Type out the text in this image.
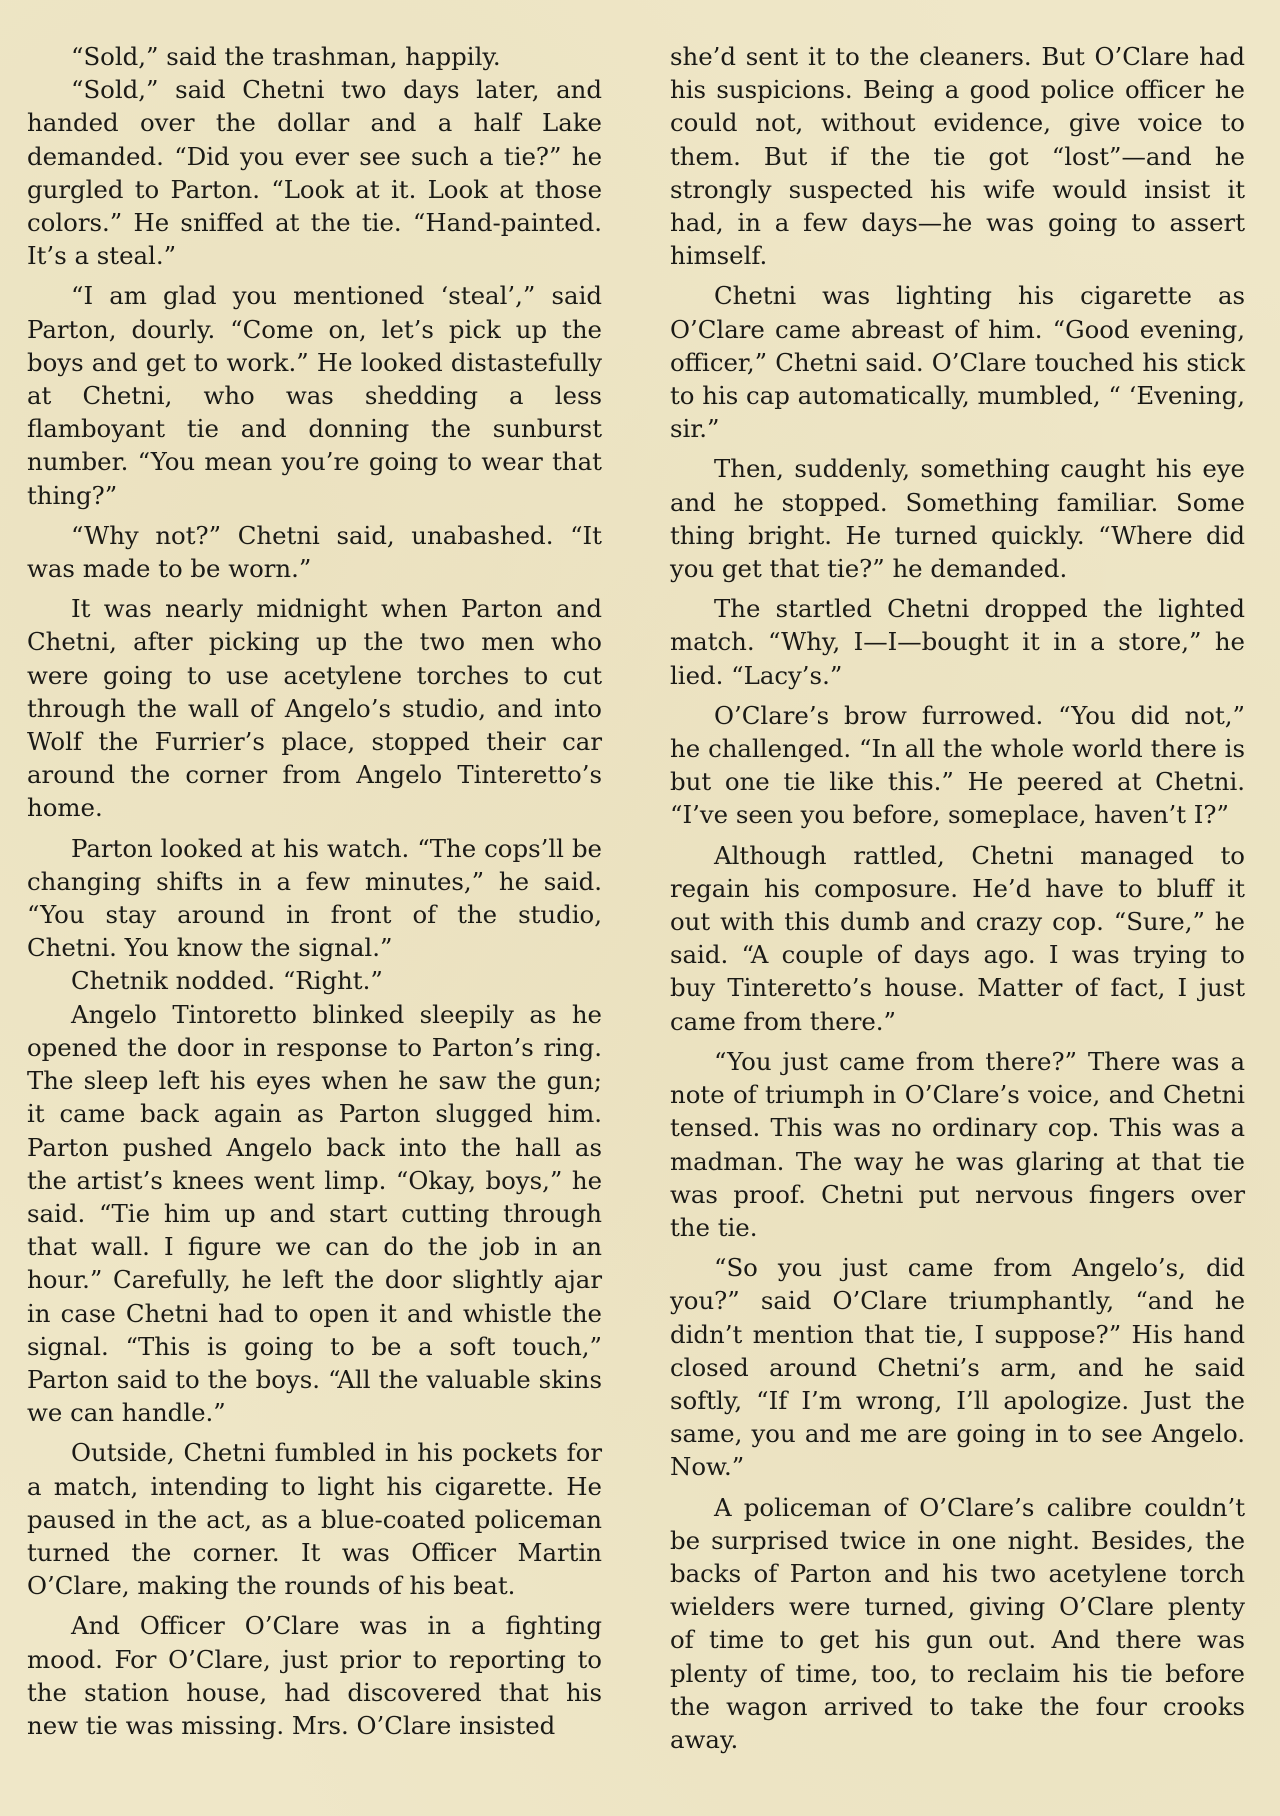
“Sold,” said the trashman, happily.

“Sold,” said Chetni two days later, and handed over the dollar and a half Lake demanded. “Did you ever see such a tie?” he gurgled to Parton. “Look at it. Look at those colors.” He sniffed at the tie. “Hand-painted. It’s a steal.”

“I am glad you mentioned ‘steal’,” said Parton, dourly. “Come on, let’s pick up the boys and get to work.” He looked distastefully at Chetni, who was shedding a less flamboyant tie and donning the sunburst number. “You mean you’re going to wear that thing?”

“Why not?” Chetni said, unabashed. “It was made to be worn.”

It was nearly midnight when Parton and Chetni, after picking up the two men who were going to use acetylene torches to cut through the wall of Angelo’s studio, and into Wolf the Furrier’s place, stopped their car around the corner from Angelo Tinteretto’s home.

Parton looked at his watch. “The cops’ll be changing shifts in a few minutes,” he said. “You stay around in front of the studio, Chetni. You know the signal.”

Chetnik nodded. “Right.”

Angelo Tintoretto blinked sleepily as he opened the door in response to Parton’s ring. The sleep left his eyes when he saw the gun; it came back again as Parton slugged him. Parton pushed Angelo back into the hall as the artist’s knees went limp. “Okay, boys,” he said. “Tie him up and start cutting through that wall. I figure we can do the job in an hour.” Carefully, he left the door slightly ajar in case Chetni had to open it and whistle the signal. “This is going to be a soft touch,” Parton said to the boys. “All the valuable skins we can handle.”

Outside, Chetni fumbled in his pockets for a match, intending to light his cigarette. He paused in the act, as a blue-coated policeman turned the corner. It was Officer Martin O’Clare, making the rounds of his beat.

And Officer O’Clare was in a fighting mood. For O’Clare, just prior to reporting to the station house, had discovered that his new tie was missing. Mrs. O’Clare insisted

she’d sent it to the cleaners. But O’Clare had his suspicions. Being a good police officer he could not, without evidence, give voice to them. But if the tie got “lost”—and he strongly suspected his wife would insist it had, in a few days—he was going to assert himself.

Chetni was lighting his cigarette as O’Clare came abreast of him. “Good evening, officer,” Chetni said. O’Clare touched his stick to his cap automatically, mumbled, “ ‘Evening, sir.”

Then, suddenly, something caught his eye and he stopped. Something familiar. Some thing bright. He turned quickly. “Where did you get that tie?” he demanded.

The startled Chetni dropped the lighted match. “Why, I—I—bought it in a store,” he lied. “Lacy’s.”

O’Clare’s brow furrowed. “You did not,” he challenged. “In all the whole world there is but one tie like this.” He peered at Chetni. “I’ve seen you before, someplace, haven’t I?”

Although rattled, Chetni managed to regain his composure. He’d have to bluff it out with this dumb and crazy cop. “Sure,” he said. “A couple of days ago. I was trying to buy Tinteretto’s house. Matter of fact, I just came from there.”

“You just came from there?” There was a note of triumph in O’Clare’s voice, and Chetni tensed. This was no ordinary cop. This was a madman. The way he was glaring at that tie was proof. Chetni put nervous fingers over the tie.

“So you just came from Angelo’s, did you?” said O’Clare triumphantly, “and he didn’t mention that tie, I suppose?” His hand closed around Chetni’s arm, and he said softly, “If I’m wrong, I’ll apologize. Just the same, you and me are going in to see Angelo. Now.”

A policeman of O’Clare’s calibre couldn’t be surprised twice in one night. Besides, the backs of Parton and his two acetylene torch wielders were turned, giving O’Clare plenty of time to get his gun out. And there was plenty of time, too, to reclaim his tie before the wagon arrived to take the four crooks away.
